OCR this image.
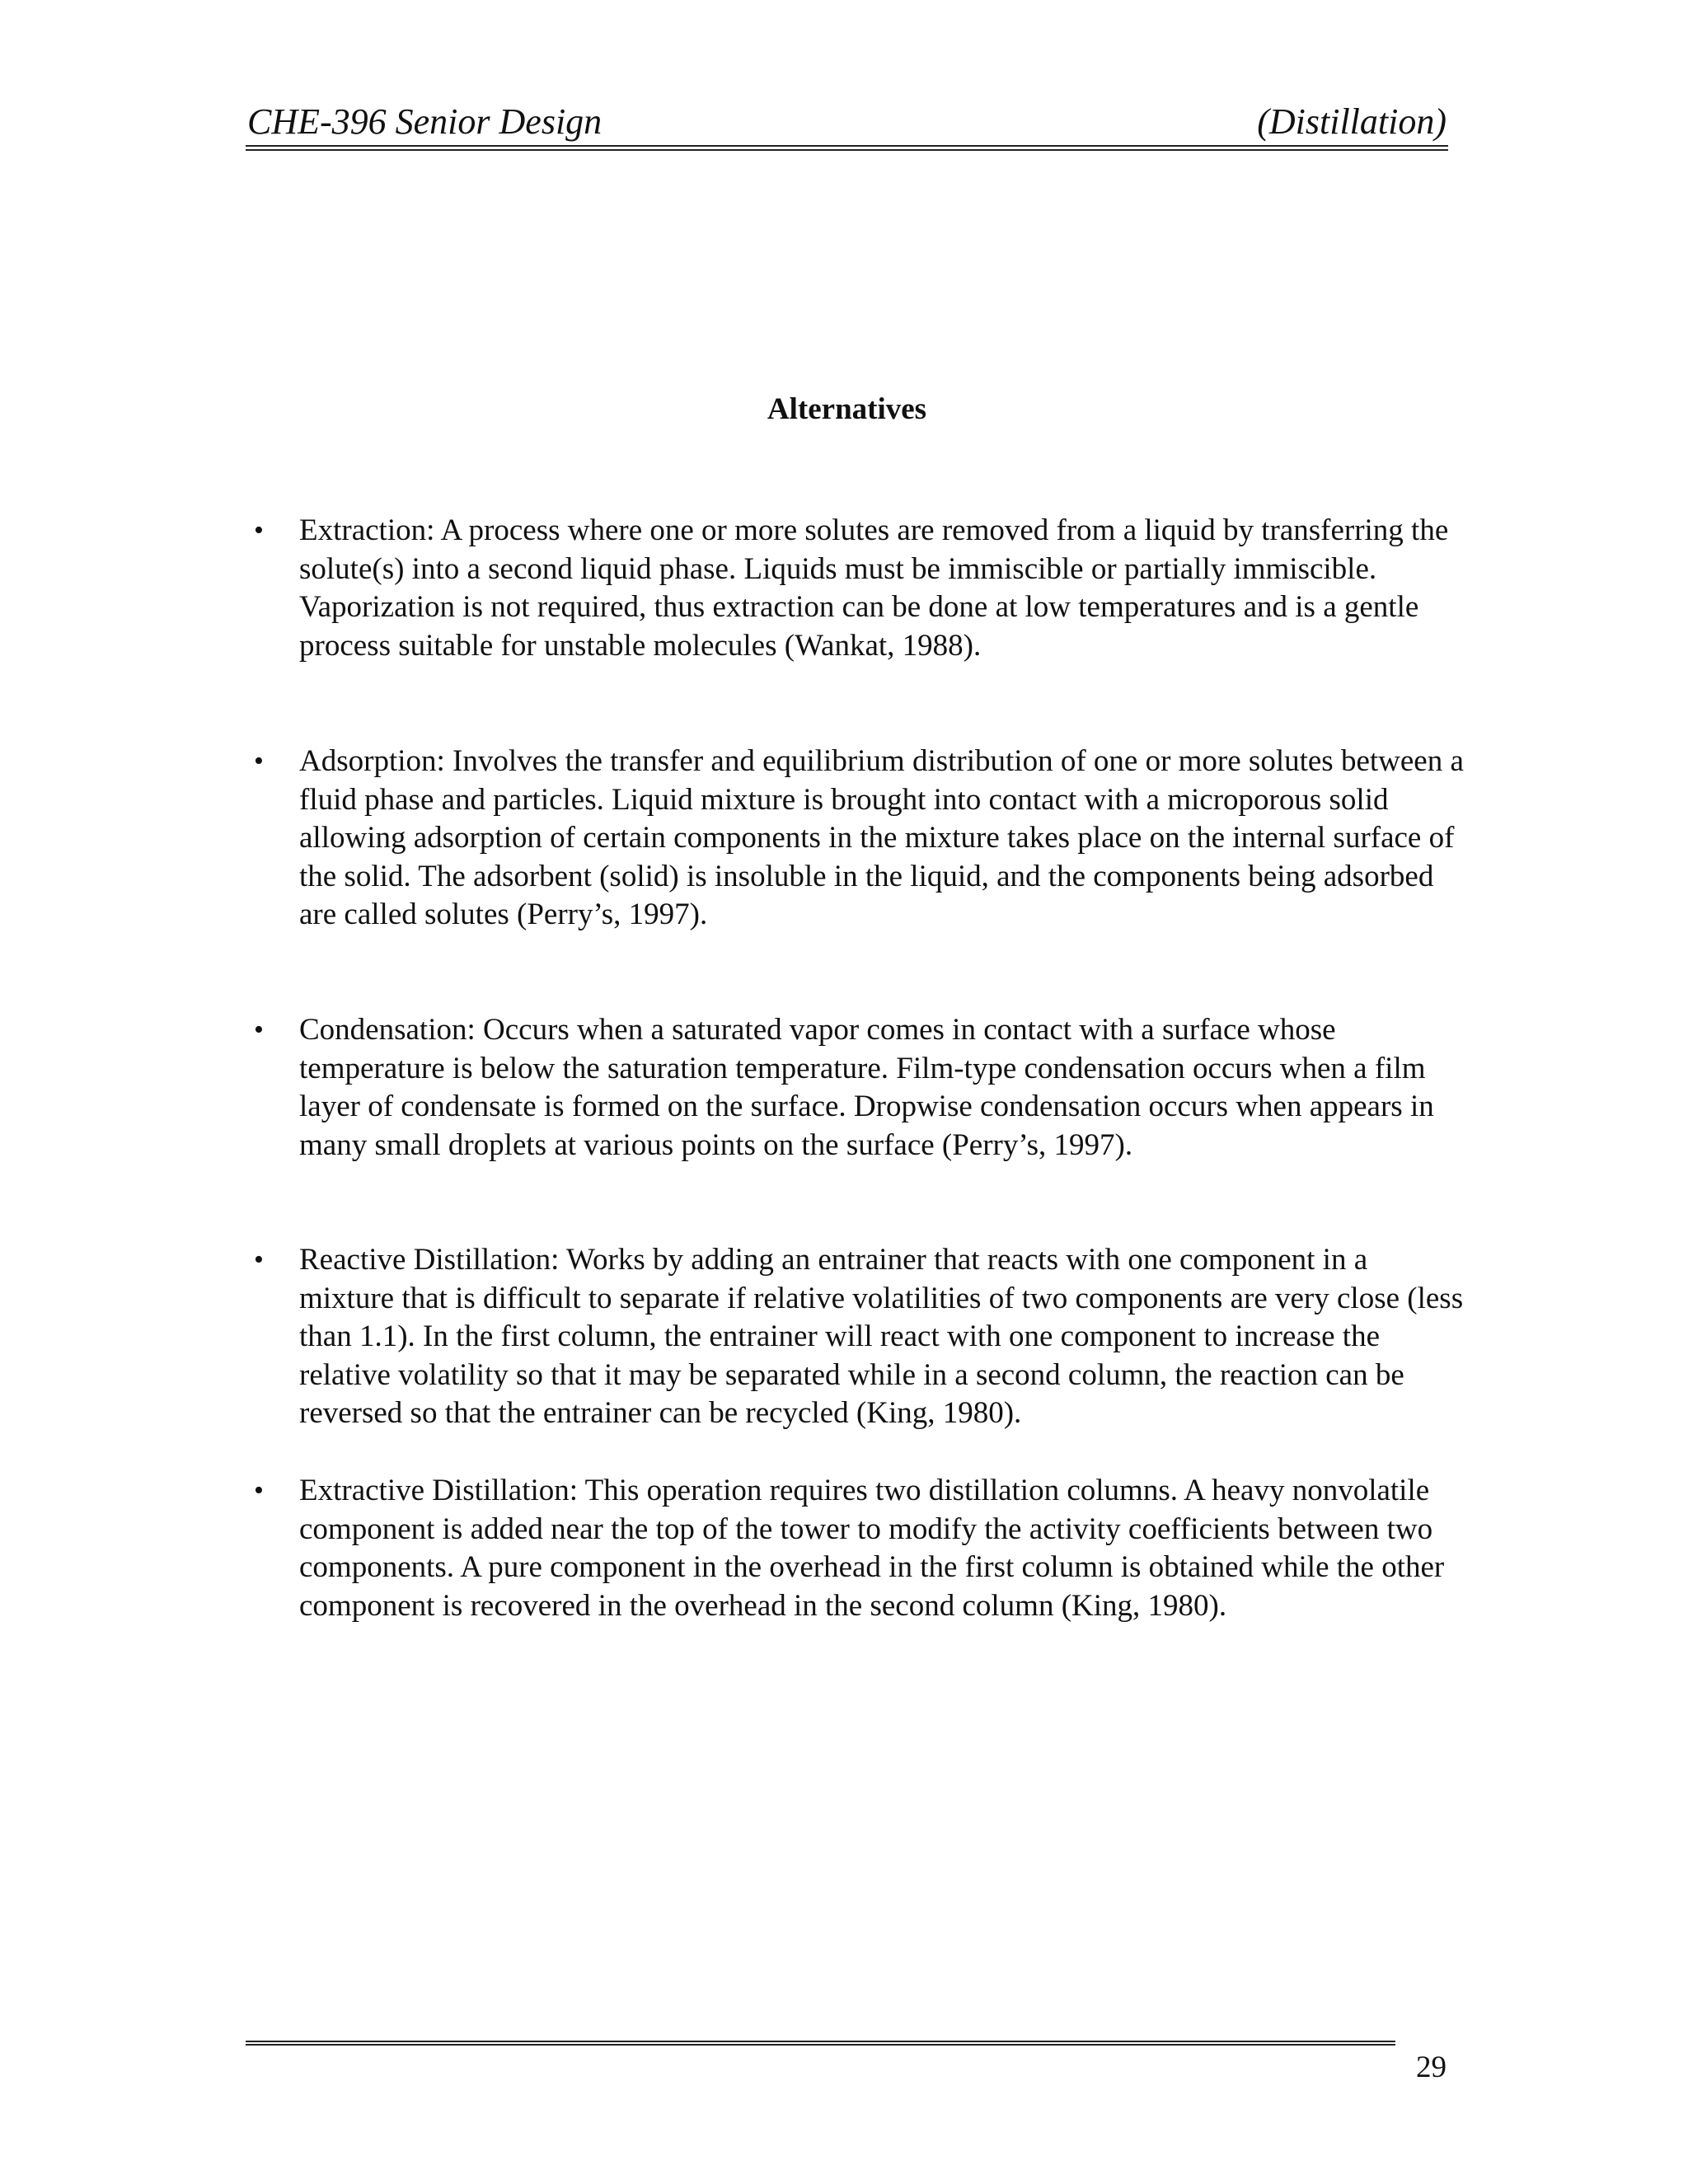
CHE-396 Senior Design	(Distillation)
Alternatives
• Extraction: A process where one or more solutes are removed from a liquid by transferring the solute(s) into a second liquid phase. Liquids must be immiscible or partially immiscible. Vaporization is not required, thus extraction can be done at low temperatures and is a gentle process suitable for unstable molecules (Wankat, 1988).

• Adsorption: Involves the transfer and equilibrium distribution of one or more solutes between a fluid phase and particles. Liquid mixture is brought into contact with a microporous solid allowing adsorption of certain components in the mixture takes place on the internal surface of the solid. The adsorbent (solid) is insoluble in the liquid, and the components being adsorbed are called solutes (Perry’s, 1997).

• Condensation: Occurs when a saturated vapor comes in contact with a surface whose temperature is below the saturation temperature. Film-type condensation occurs when a film layer of condensate is formed on the surface. Dropwise condensation occurs when appears in many small droplets at various points on the surface (Perry’s, 1997).

• Reactive Distillation: Works by adding an entrainer that reacts with one component in a mixture that is difficult to separate if relative volatilities of two components are very close (less than 1.1). In the first column, the entrainer will react with one component to increase the relative volatility so that it may be separated while in a second column, the reaction can be reversed so that the entrainer can be recycled (King, 1980).

• Extractive Distillation: This operation requires two distillation columns. A heavy nonvolatile component is added near the top of the tower to modify the activity coefficients between two components. A pure component in the overhead in the first column is obtained while the other component is recovered in the overhead in the second column (King, 1980).

29
